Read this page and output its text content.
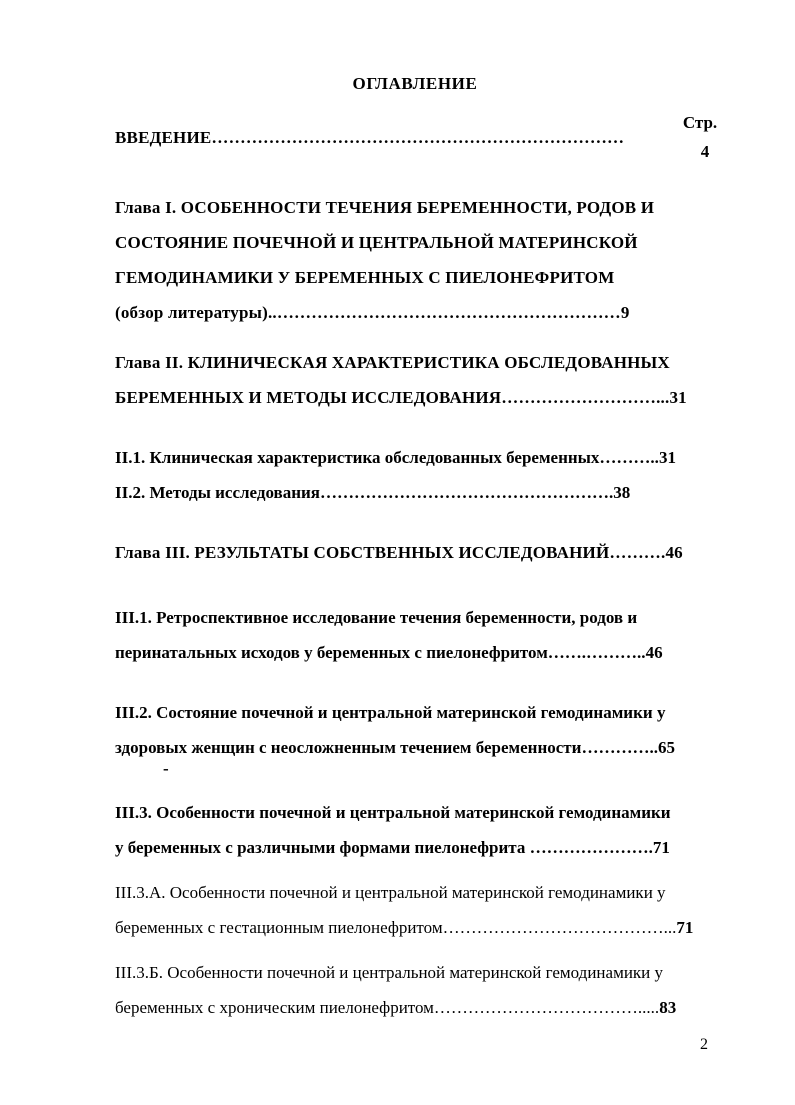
ОГЛАВЛЕНИЕ
Стр.
4
ВВЕДЕНИЕ………………………………………………………………
Глава I. ОСОБЕННОСТИ ТЕЧЕНИЯ БЕРЕМЕННОСТИ, РОДОВ И
СОСТОЯНИЕ ПОЧЕЧНОЙ И ЦЕНТРАЛЬНОЙ МАТЕРИНСКОЙ
ГЕМОДИНАМИКИ У БЕРЕМЕННЫХ С ПИЕЛОНЕФРИТОМ
(обзор литературы)..……………………………………………………9
Глава II. КЛИНИЧЕСКАЯ ХАРАКТЕРИСТИКА ОБСЛЕДОВАННЫХ
БЕРЕМЕННЫХ И МЕТОДЫ ИССЛЕДОВАНИЯ………………………...31
II.1. Клиническая характеристика обследованных беременных………..31
II.2. Методы исследования…………………………………………….38
Глава III. РЕЗУЛЬТАТЫ СОБСТВЕННЫХ ИССЛЕДОВАНИЙ……….46
III.1. Ретроспективное исследование течения беременности, родов и
перинатальных исходов у беременных с пиелонефритом…….………..46
III.2. Состояние почечной и центральной материнской гемодинамики у
здоровых женщин с неосложненным течением беременности…………..65
III.3. Особенности почечной и центральной материнской гемодинамики
у беременных с различными формами пиелонефрита ………………….71
III.3.А. Особенности почечной и центральной материнской гемодинамики у
беременных с гестационным пиелонефритом…………………………………...71
III.3.Б. Особенности почечной и центральной материнской гемодинамики у
беременных с хроническим пиелонефритом……………………………….....83
-
2
